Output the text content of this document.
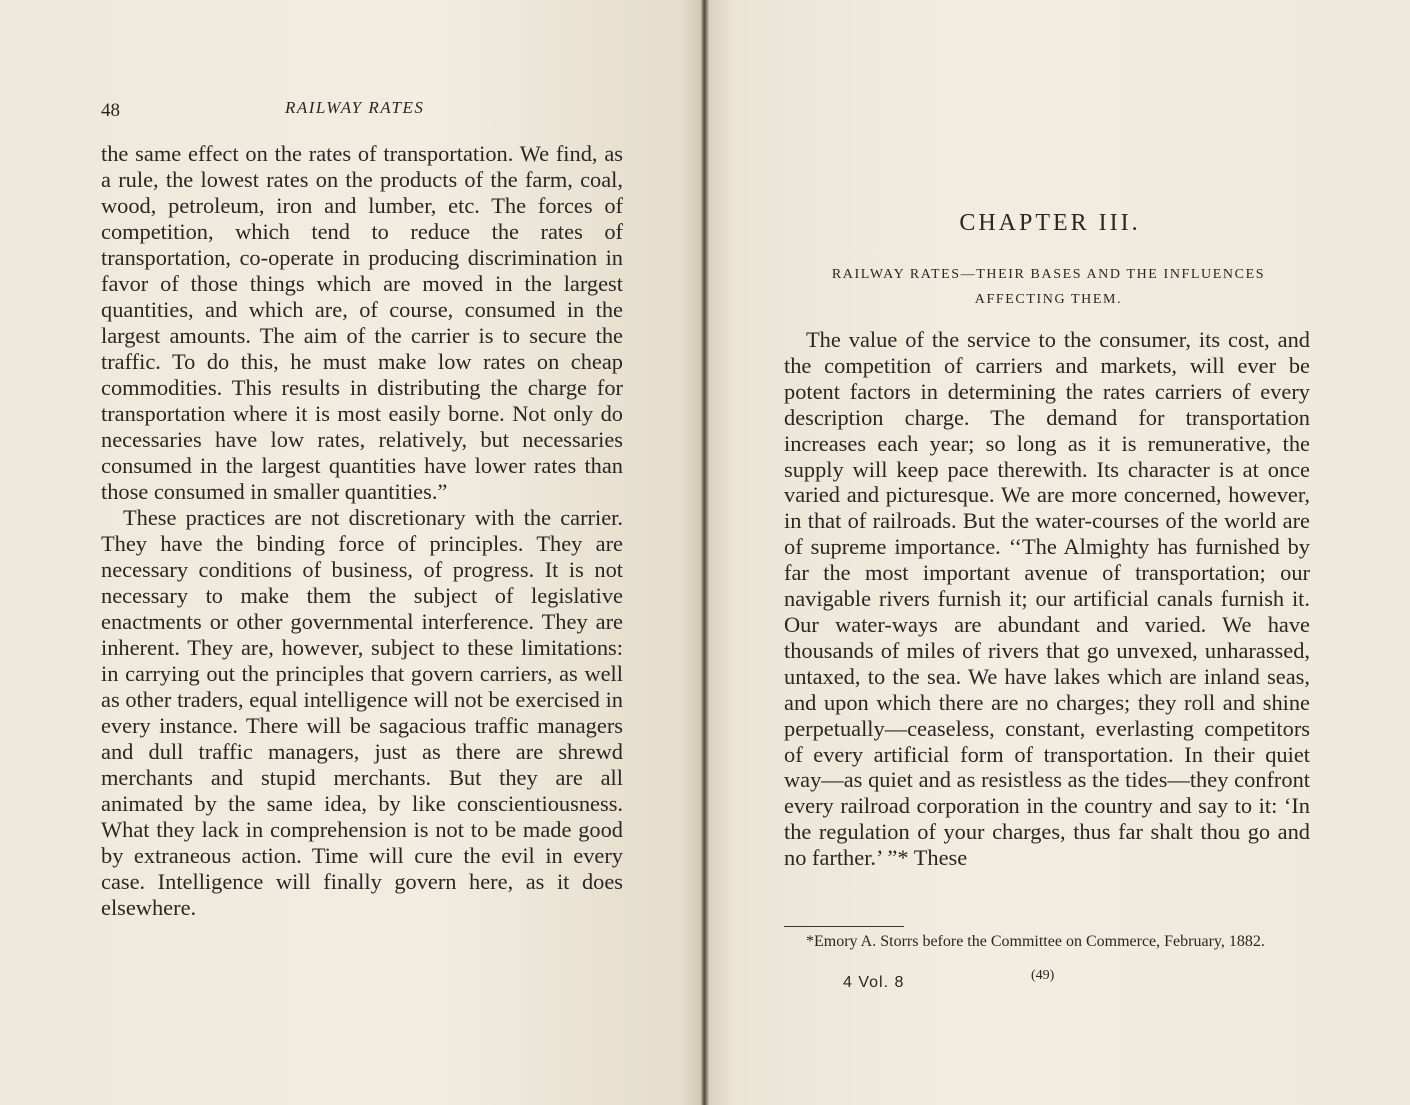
48	RAILWAY RATES

the same effect on the rates of transportation. We find, as a rule, the lowest rates on the products of the farm, coal, wood, petroleum, iron and lumber, etc. The forces of competition, which tend to reduce the rates of transportation, co-operate in producing discrimination in favor of those things which are moved in the largest quantities, and which are, of course, consumed in the largest amounts. The aim of the carrier is to secure the traffic. To do this, he must make low rates on cheap commodities. This results in distributing the charge for transportation where it is most easily borne. Not only do necessaries have low rates, relatively, but necessaries consumed in the largest quantities have lower rates than those consumed in smaller quantities.”

These practices are not discretionary with the carrier. They have the binding force of principles. They are necessary conditions of business, of progress. It is not necessary to make them the subject of legislative enactments or other governmental interference. They are inherent. They are, however, subject to these limitations: in carrying out the principles that govern carriers, as well as other traders, equal intelligence will not be exercised in every instance. There will be sagacious traffic managers and dull traffic managers, just as there are shrewd merchants and stupid merchants. But they are all animated by the same idea, by like conscientiousness. What they lack in comprehension is not to be made good by extraneous action. Time will cure the evil in every case. Intelligence will finally govern here, as it does elsewhere.

CHAPTER III.
RAILWAY RATES—THEIR BASES AND THE INFLUENCES AFFECTING THEM.

The value of the service to the consumer, its cost, and the competition of carriers and markets, will ever be potent factors in determining the rates carriers of every description charge. The demand for transportation increases each year; so long as it is remunerative, the supply will keep pace therewith. Its character is at once varied and picturesque. We are more concerned, however, in that of railroads. But the water-courses of the world are of supreme importance. ‘‘The Almighty has furnished by far the most important avenue of transportation; our navigable rivers furnish it; our artificial canals furnish it. Our water-ways are abundant and varied. We have thousands of miles of rivers that go unvexed, unharassed, untaxed, to the sea. We have lakes which are inland seas, and upon which there are no charges; they roll and shine perpetually—ceaseless, constant, everlasting competitors of every artificial form of transportation. In their quiet way—as quiet and as resistless as the tides—they confront every railroad corporation in the country and say to it: ‘In the regulation of your charges, thus far shalt thou go and no farther.’ ”* These

*Emory A. Storrs before the Committee on Commerce, February, 1882.
4 Vol. 8	(49)
